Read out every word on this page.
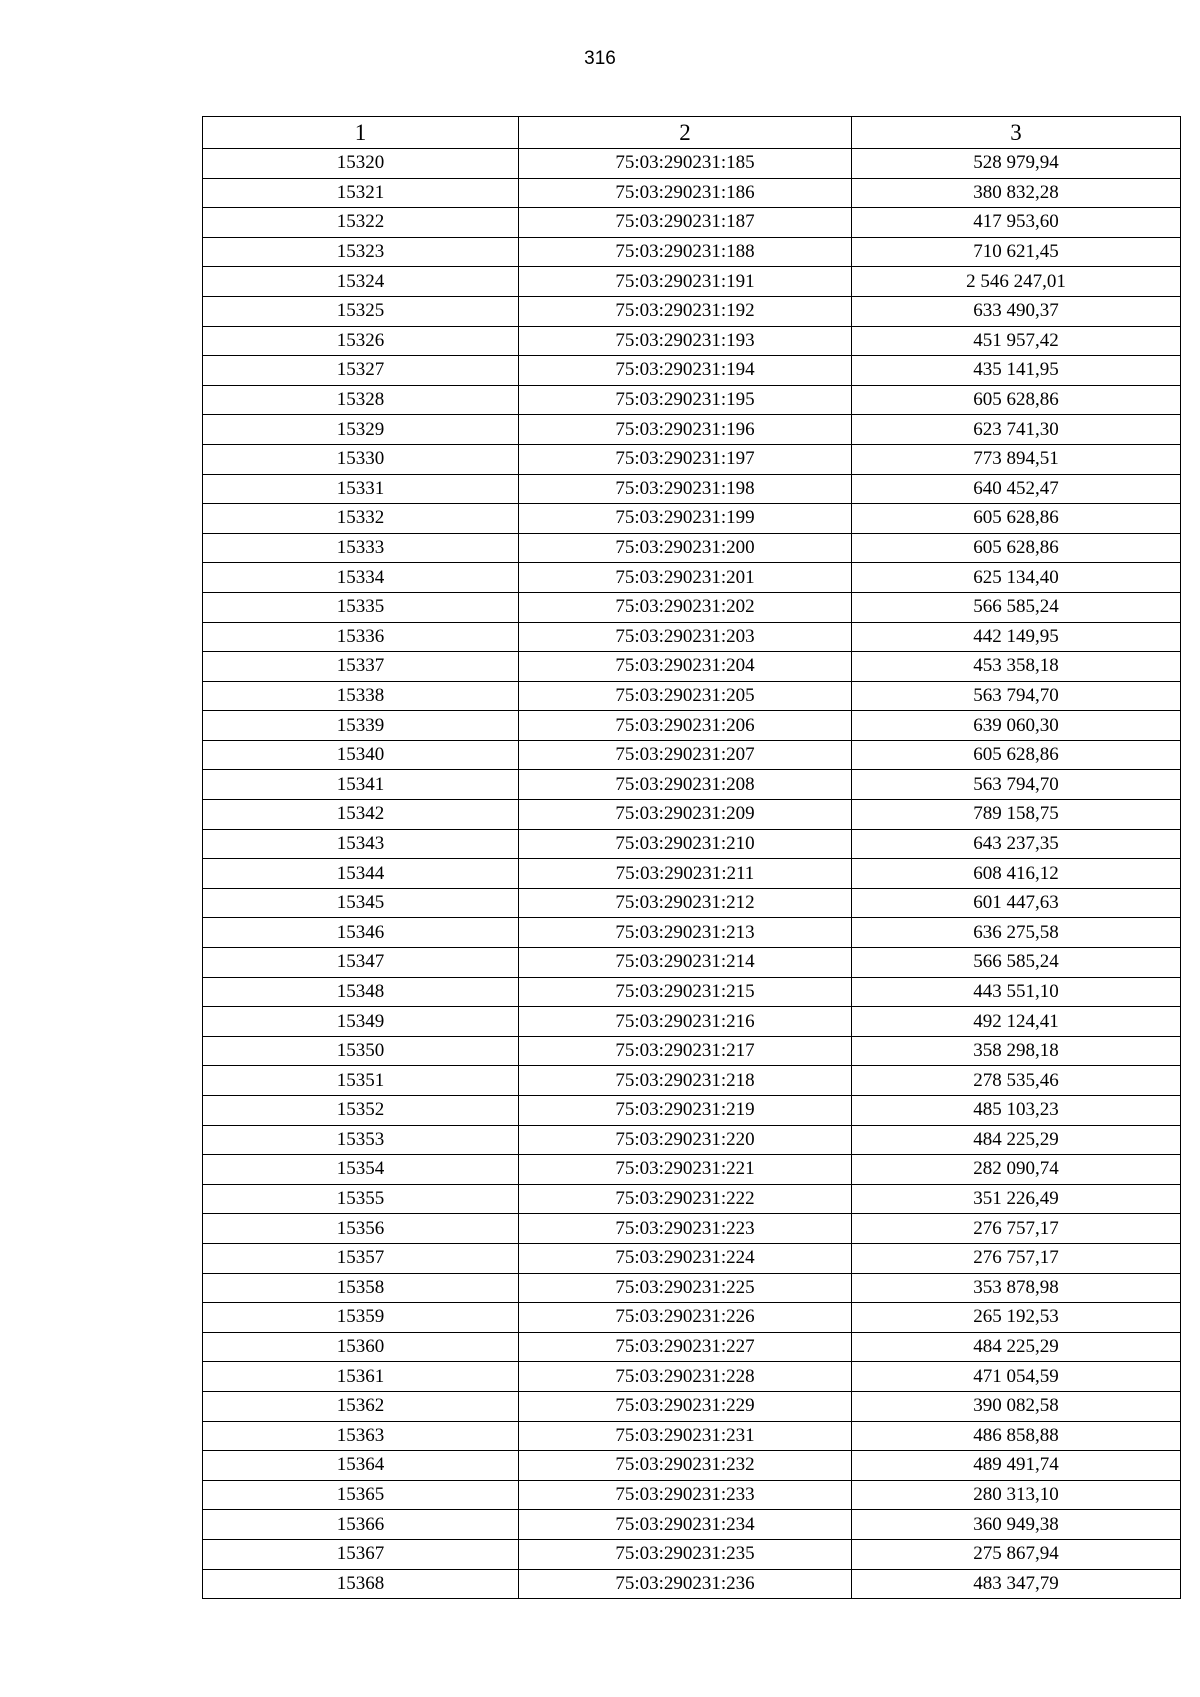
316
1	2	3
15320	75:03:290231:185	528 979,94
15321	75:03:290231:186	380 832,28
15322	75:03:290231:187	417 953,60
15323	75:03:290231:188	710 621,45
15324	75:03:290231:191	2 546 247,01
15325	75:03:290231:192	633 490,37
15326	75:03:290231:193	451 957,42
15327	75:03:290231:194	435 141,95
15328	75:03:290231:195	605 628,86
15329	75:03:290231:196	623 741,30
15330	75:03:290231:197	773 894,51
15331	75:03:290231:198	640 452,47
15332	75:03:290231:199	605 628,86
15333	75:03:290231:200	605 628,86
15334	75:03:290231:201	625 134,40
15335	75:03:290231:202	566 585,24
15336	75:03:290231:203	442 149,95
15337	75:03:290231:204	453 358,18
15338	75:03:290231:205	563 794,70
15339	75:03:290231:206	639 060,30
15340	75:03:290231:207	605 628,86
15341	75:03:290231:208	563 794,70
15342	75:03:290231:209	789 158,75
15343	75:03:290231:210	643 237,35
15344	75:03:290231:211	608 416,12
15345	75:03:290231:212	601 447,63
15346	75:03:290231:213	636 275,58
15347	75:03:290231:214	566 585,24
15348	75:03:290231:215	443 551,10
15349	75:03:290231:216	492 124,41
15350	75:03:290231:217	358 298,18
15351	75:03:290231:218	278 535,46
15352	75:03:290231:219	485 103,23
15353	75:03:290231:220	484 225,29
15354	75:03:290231:221	282 090,74
15355	75:03:290231:222	351 226,49
15356	75:03:290231:223	276 757,17
15357	75:03:290231:224	276 757,17
15358	75:03:290231:225	353 878,98
15359	75:03:290231:226	265 192,53
15360	75:03:290231:227	484 225,29
15361	75:03:290231:228	471 054,59
15362	75:03:290231:229	390 082,58
15363	75:03:290231:231	486 858,88
15364	75:03:290231:232	489 491,74
15365	75:03:290231:233	280 313,10
15366	75:03:290231:234	360 949,38
15367	75:03:290231:235	275 867,94
15368	75:03:290231:236	483 347,79
